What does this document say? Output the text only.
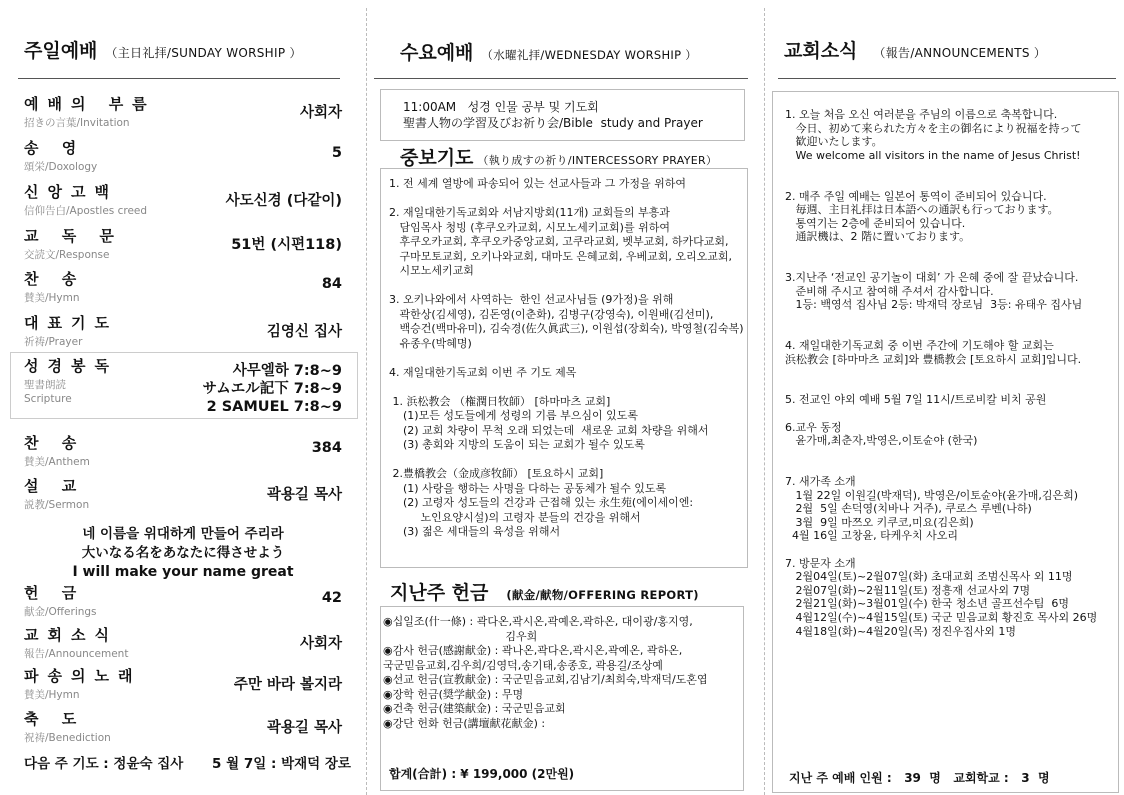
주일예배 （主日礼拝/SUNDAY WORSHIP ）
예배의 부름
招きの言葉/Invitation
사회자
송 영
頌栄/Doxology
5
신앙고백
信仰告白/Apostles creed
사도신경 (다같이)
교 독 문
交読文/Response
51번 (시편118)
찬 송
賛美/Hymn
84
대표기도
祈祷/Prayer
김영신 집사
성경봉독
聖書朗読
Scripture
사무엘하 7:8~9
サムエル記下 7:8~9
2 SAMUEL 7:8~9
찬 송
賛美/Anthem
384
설 교
説教/Sermon
곽용길 목사
헌 금
献金/Offerings
42
교회소식
報告/Announcement
사회자
파송의노래
賛美/Hymn
주만 바라 볼지라
축 도
祝祷/Benediction
곽용길 목사
네 이름을 위대하게 만들어 주리라
大いなる名をあなたに得させよう
I will make your name great
다음 주 기도 : 정윤숙 집사 5 월 7일 : 박재덕 장로
수요예배 （水曜礼拝/WEDNESDAY WORSHIP ）
11:00AM   성경 인물 공부 및 기도회
聖書人物の学習及びお祈り会/Bible  study and Prayer
중보기도 （執り成すの祈り/INTERCESSORY PRAYER）
1. 전 세계 열방에 파송되어 있는 선교사들과 그 가정을 위하여
2. 재일대한기독교회와 서남지방회(11개) 교회들의 부흥과
담임목사 청빙 (후쿠오카교회, 시모노세키교회)를 위하여
후쿠오카교회, 후쿠오카중앙교회, 고쿠라교회, 벳부교회, 하카다교회,
구마모토교회, 오키나와교회, 대마도 은혜교회, 우베교회, 오리오교회,
시모노세키교회
3. 오키나와에서 사역하는  한인 선교사님들 (9가정)을 위해
곽한상(김세영), 김돈영(이춘화), 김병구(강영숙), 이원배(김선미),
백승건(백마유미), 김숙경(佐久眞武三), 이원섭(장회숙), 박영철(김숙복)
유종우(박혜명)
4. 재일대한기독교회 이번 주 기도 제목
1. 浜松教会 （権潤日牧師） [하마마츠 교회]
(1)모든 성도들에게 성령의 기름 부으심이 있도록
(2) 교회 차량이 무척 오래 되었는데  새로운 교회 차량을 위해서
(3) 총회와 지방의 도움이 되는 교회가 될수 있도록
2.豊橋教会（金成彦牧師） [토요하시 교회]
(1) 사랑을 행하는 사명을 다하는 공동체가 될수 있도록
(2) 고령자 성도들의 건강과 근접해 있는 永生苑(에이세이엔:
노인요양시설)의 고령자 분들의 건강을 위해서
(3) 젊은 세대들의 육성을 위해서
지난주 헌금 (献金/献物/OFFERING REPORT)
◉십일조(什一條) : 곽다온,곽시온,곽예온,곽하온, 대이광/홍지영,
김우희
◉감사 헌금(感謝献金) : 곽나온,곽다온,곽시온,곽예온, 곽하온,
국군믿음교회,김우희/김영덕,송기태,송종호, 곽용길/조상예
◉선교 헌금(宣教献金) : 국군믿음교회,김남기/최희숙,박재덕/도혼엽
◉장학 헌금(奨学献金) : 무명
◉건축 헌금(建築献金) : 국군믿음교회
◉강단 헌화 헌금(講壇献花献金) :
합계(合計) : ¥ 199,000 (2만원)
교회소식 （報告/ANNOUNCEMENTS ）
1. 오늘 처음 오신 여러분을 주님의 이름으로 축복합니다.
今日、初めて来られた方々を主の御名により祝福を持って
歓迎いたします。
We welcome all visitors in the name of Jesus Christ!
2. 매주 주일 예배는 일본어 통역이 준비되어 있습니다.
毎週、主日礼拝は日本語への通訳も行っております。
통역기는 2층에 준비되어 있습니다.
通訳機は、2 階に置いております。
3.지난주 ‘전교인 공기놀이 대회’ 가 은혜 중에 잘 끝났습니다.
준비해 주시고 참여해 주셔서 감사합니다.
1등: 백영석 집사님 2등: 박재덕 장로님  3등: 유태우 집사님
4. 재일대한기독교회 중 이번 주간에 기도해야 할 교회는
浜松教会 [하마마츠 교회]와 豊橋教会 [토요하시 교회]입니다.
5. 전교인 야외 예배 5월 7일 11시/트로비칼 비치 공원
6.교우 동정
윤가매,최춘자,박영은,이토슌야 (한국)
7. 새가족 소개
1월 22일 이원길(박재덕), 박영은/이토슌야(윤가매,김은희)
2월  5일 손덕영(치바나 거주), 쿠로스 루벤(나하)
3월  9일 마쯔오 키쿠코,미요(김은희)
4월 16일 고창윤, 타케우치 사오리
7. 방문자 소개
2월04일(토)~2월07일(화) 초대교회 조범신목사 외 11명
2월07일(화)~2월11일(토) 정흥재 선교사외 7명
2월21일(화)~3월01일(수) 한국 청소년 골프선수팀  6명
4월12일(수)~4월15일(토) 국군 믿음교회 황진호 목사외 26명
4월18일(화)~4월20일(목) 정진우집사외 1명
지난 주 예배 인원 :   39  명   교회학교 :   3  명
